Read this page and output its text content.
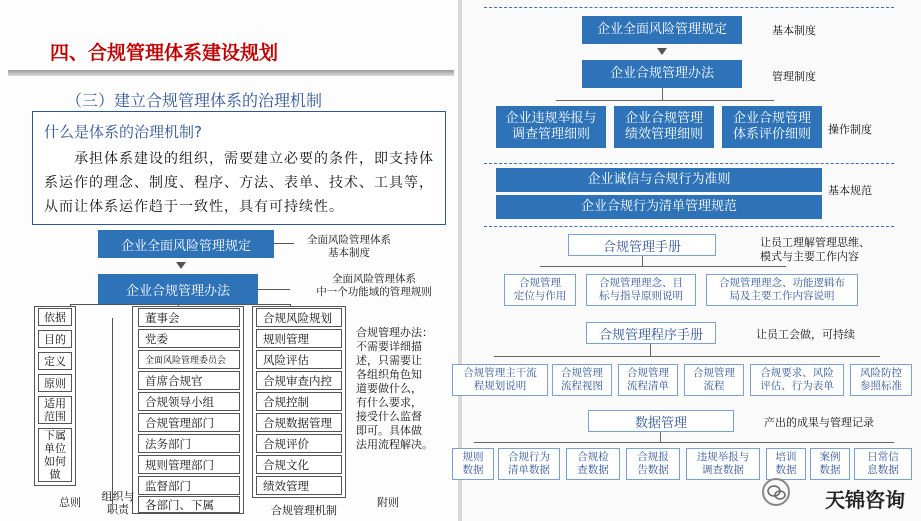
四、合规管理体系建设规划
（三）建立合规管理体系的治理机制
什么是体系的治理机制?
承担体系建设的组织，需要建立必要的条件，即支持体系运作的理念、制度、程序、方法、表单、技术、工具等，从而让体系运作趋于一致性，具有可持续性。
企业全面风险管理规定	全面风险管理体系
基本制度
企业合规管理办法
全面风险管理体系
中一个功能域的管理规则
依据
目的
定义
原则
适用
范围
下属
单位
如何
做
董事会
党委
全面风险管理委员会
首席合规官
合规领导小组
合规管理部门
法务部门
规则管理部门
监督部门
各部门、下属
合规风险规划
规则管理
风险评估
合规审查内控
合规控制
合规数据管理
合规评价
合规文化
绩效管理
合规管理办法：
不需要详细描
述，只需要让
各组织角色知
道要做什么，
有什么要求，
接受什么监督
即可。具体做
法用流程解决。
总则	组织与
职责	合规管理机制
附则
企业全面风险管理规定	基本制度
企业合规管理办法	管理制度
企业违规举报与
调查管理细则
企业合规管理
绩效管理细则
企业合规管理
体系评价细则	操作制度
企业诚信与合规行为准则
企业合规行为清单管理规范
基本规范
合规管理手册	让员工理解管理思维、
模式与主要工作内容
合规管理
定位与作用
合规管理理念、目
标与指导原则说明
合规管理理念、功能逻辑布
局及主要工作内容说明
合规管理程序手册	让员工会做，可持续
合规管理主干流
程规划说明
合规管理
流程视图
合规管理
流程清单
合规管理
流程
合规要求、风险
评估、行为表单
风险防控
参照标准
数据管理	产出的成果与管理记录
规则
数据
合规行为
清单数据
合规检
查数据
合规报
告数据
违规举报与
调查数据
培训
数据
案例
数据
日常信
息数据
天锦咨询
